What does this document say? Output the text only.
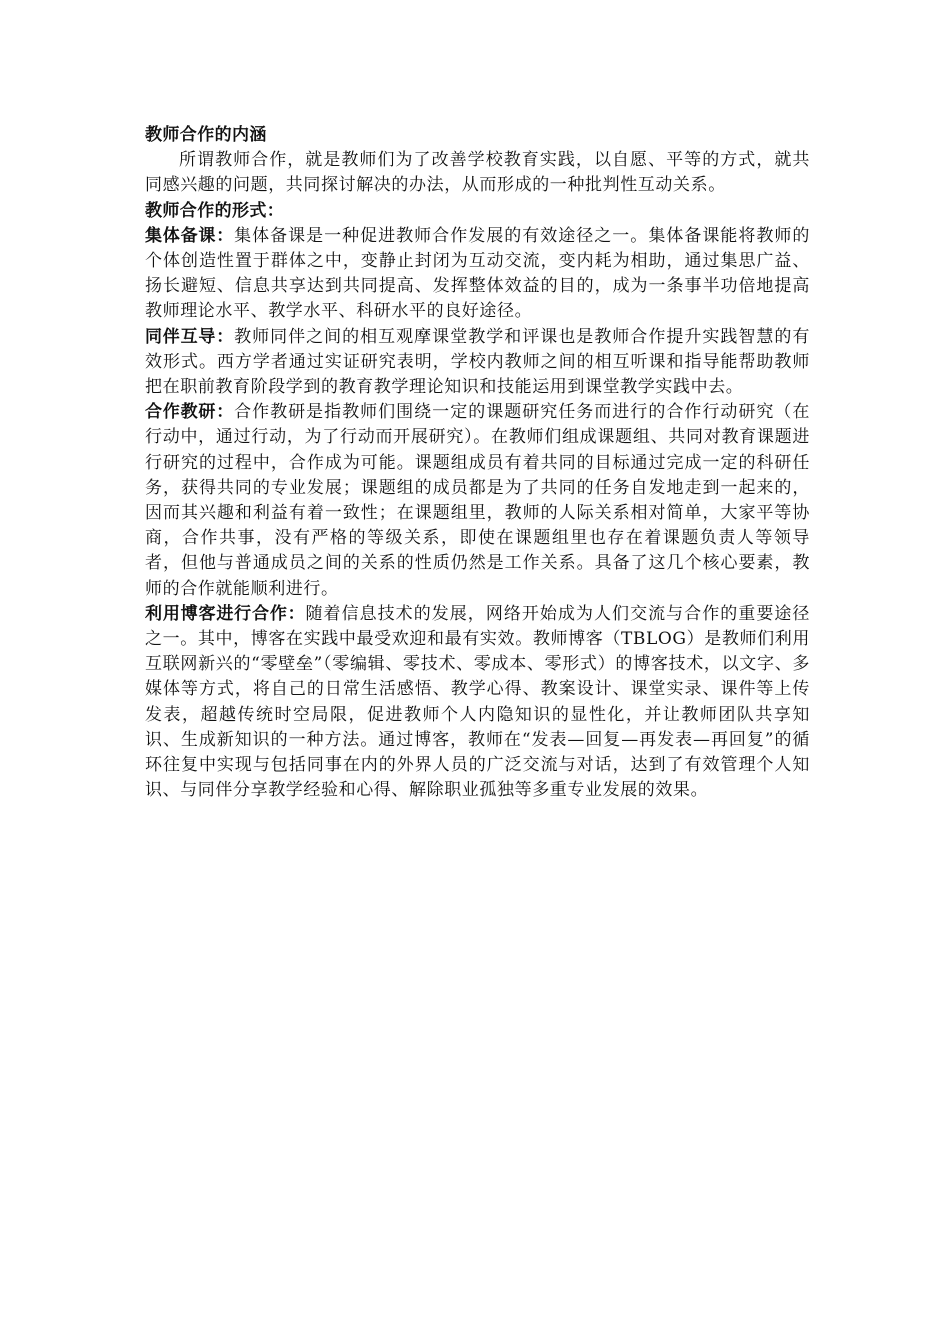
教师合作的内涵

所谓教师合作，就是教师们为了改善学校教育实践，以自愿、平等的方式，就共同感兴趣的问题，共同探讨解决的办法，从而形成的一种批判性互动关系。

教师合作的形式：

集体备课：集体备课是一种促进教师合作发展的有效途径之一。集体备课能将教师的个体创造性置于群体之中，变静止封闭为互动交流，变内耗为相助，通过集思广益、扬长避短、信息共享达到共同提高、发挥整体效益的目的，成为一条事半功倍地提高教师理论水平、教学水平、科研水平的良好途径。

同伴互导：教师同伴之间的相互观摩课堂教学和评课也是教师合作提升实践智慧的有效形式。西方学者通过实证研究表明，学校内教师之间的相互听课和指导能帮助教师把在职前教育阶段学到的教育教学理论知识和技能运用到课堂教学实践中去。

合作教研：合作教研是指教师们围绕一定的课题研究任务而进行的合作行动研究（在行动中，通过行动，为了行动而开展研究）。在教师们组成课题组、共同对教育课题进行研究的过程中，合作成为可能。课题组成员有着共同的目标通过完成一定的科研任务，获得共同的专业发展；课题组的成员都是为了共同的任务自发地走到一起来的，因而其兴趣和利益有着一致性；在课题组里，教师的人际关系相对简单，大家平等协商，合作共事，没有严格的等级关系，即使在课题组里也存在着课题负责人等领导者，但他与普通成员之间的关系的性质仍然是工作关系。具备了这几个核心要素，教师的合作就能顺利进行。

利用博客进行合作：随着信息技术的发展，网络开始成为人们交流与合作的重要途径之一。其中，博客在实践中最受欢迎和最有实效。教师博客（TBLOG）是教师们利用互联网新兴的“零壁垒”（零编辑、零技术、零成本、零形式）的博客技术，以文字、多媒体等方式，将自己的日常生活感悟、教学心得、教案设计、课堂实录、课件等上传发表，超越传统时空局限，促进教师个人内隐知识的显性化，并让教师团队共享知识、生成新知识的一种方法。通过博客，教师在“发表—回复—再发表—再回复”的循环往复中实现与包括同事在内的外界人员的广泛交流与对话，达到了有效管理个人知识、与同伴分享教学经验和心得、解除职业孤独等多重专业发展的效果。
